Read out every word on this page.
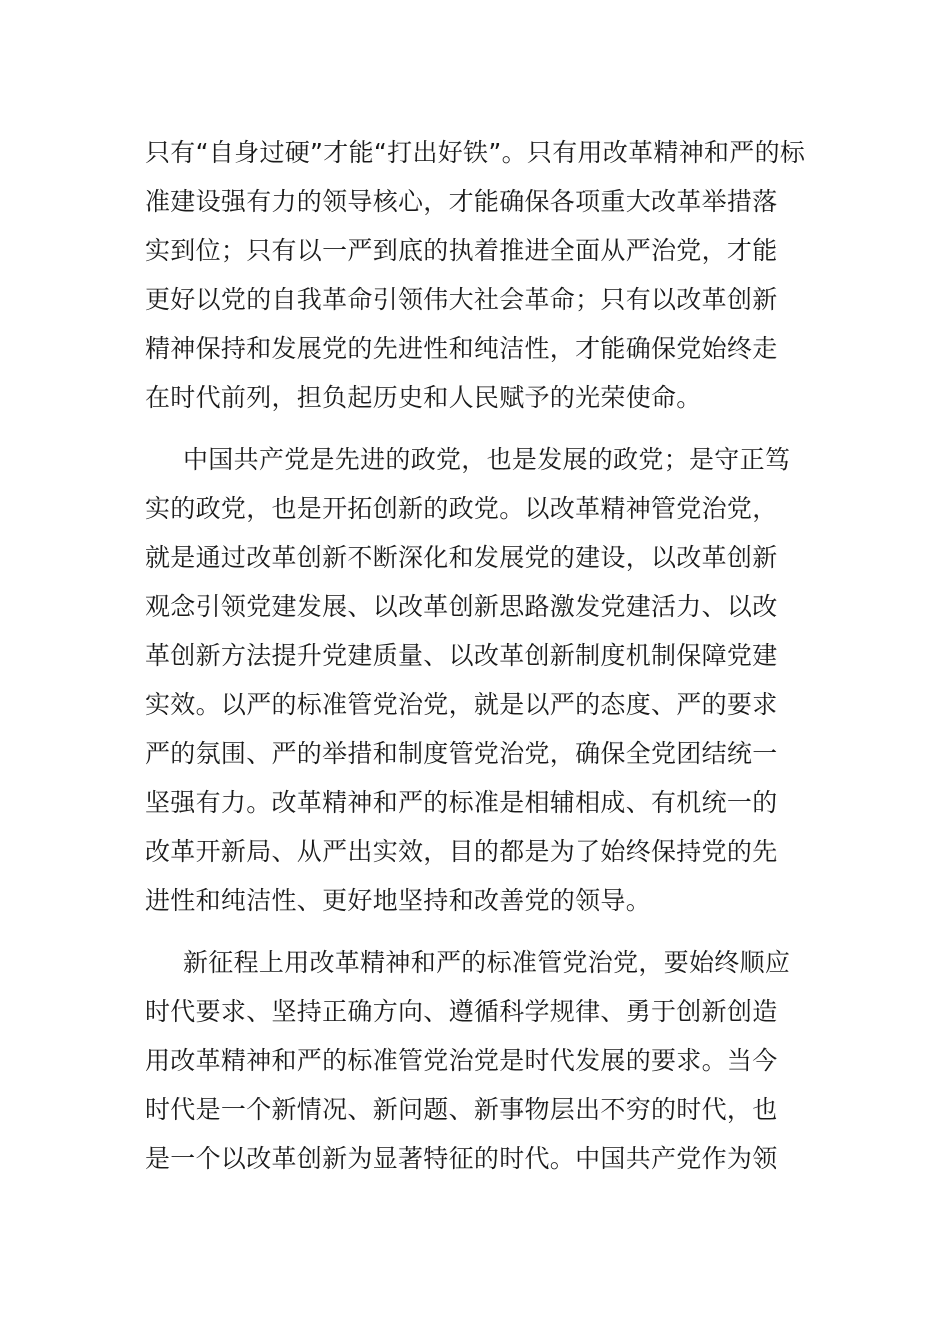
只有“自身过硬”才能“打出好铁”。只有用改革精神和严的标
准建设强有力的领导核心，才能确保各项重大改革举措落
实到位；只有以一严到底的执着推进全面从严治党，才能
更好以党的自我革命引领伟大社会革命；只有以改革创新
精神保持和发展党的先进性和纯洁性，才能确保党始终走
在时代前列，担负起历史和人民赋予的光荣使命。

中国共产党是先进的政党，也是发展的政党；是守正笃
实的政党，也是开拓创新的政党。以改革精神管党治党，
就是通过改革创新不断深化和发展党的建设，以改革创新
观念引领党建发展、以改革创新思路激发党建活力、以改
革创新方法提升党建质量、以改革创新制度机制保障党建
实效。以严的标准管党治党，就是以严的态度、严的要求
严的氛围、严的举措和制度管党治党，确保全党团结统一
坚强有力。改革精神和严的标准是相辅相成、有机统一的
改革开新局、从严出实效，目的都是为了始终保持党的先
进性和纯洁性、更好地坚持和改善党的领导。

新征程上用改革精神和严的标准管党治党，要始终顺应
时代要求、坚持正确方向、遵循科学规律、勇于创新创造
用改革精神和严的标准管党治党是时代发展的要求。当今
时代是一个新情况、新问题、新事物层出不穷的时代，也
是一个以改革创新为显著特征的时代。中国共产党作为领
